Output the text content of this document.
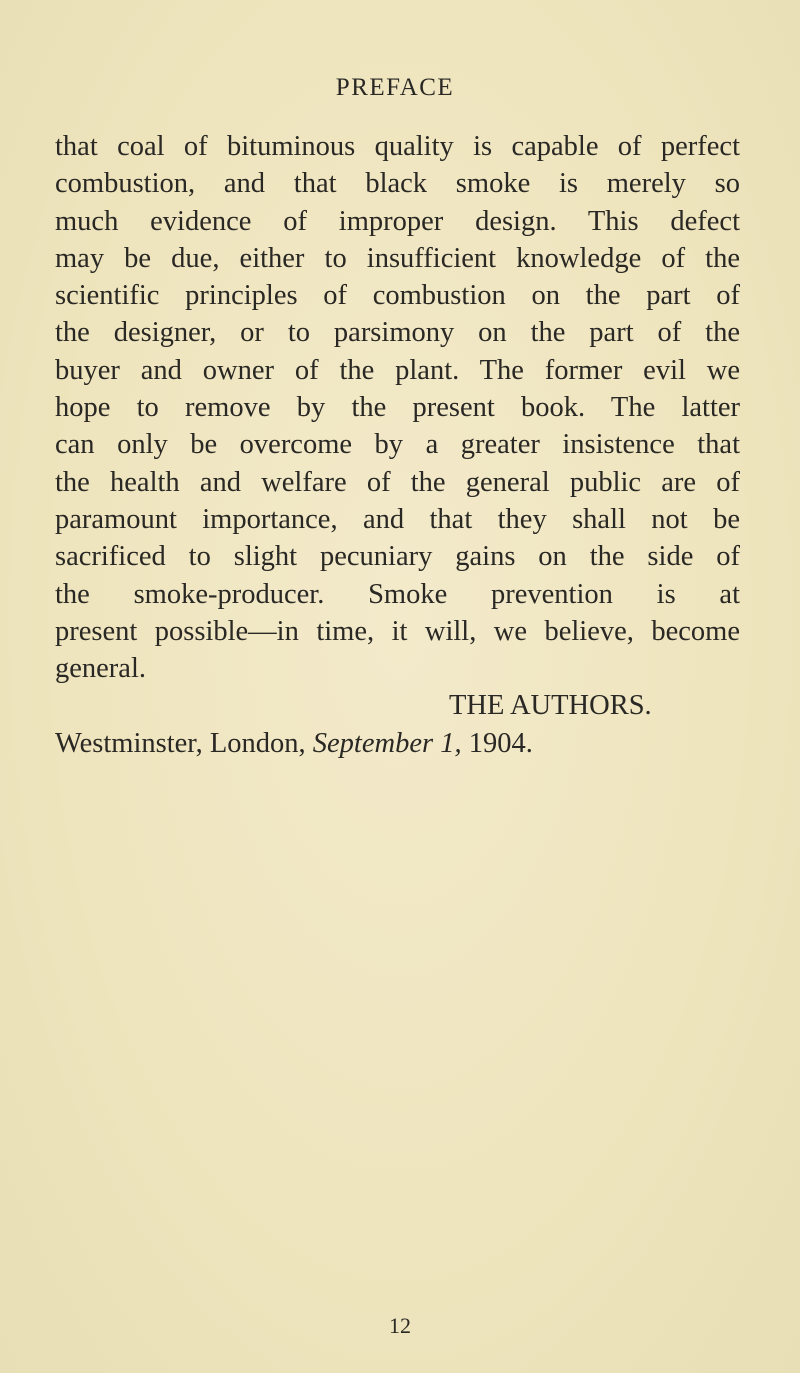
PREFACE
that coal of bituminous quality is capable of perfect
combustion, and that black smoke is merely so
much evidence of improper design. This defect
may be due, either to insufficient knowledge of the
scientific principles of combustion on the part of
the designer, or to parsimony on the part of the
buyer and owner of the plant. The former evil we
hope to remove by the present book. The latter
can only be overcome by a greater insistence that
the health and welfare of the general public are of
paramount importance, and that they shall not be
sacrificed to slight pecuniary gains on the side of
the smoke-producer. Smoke prevention is at
present possible—in time, it will, we believe, become
general.
THE AUTHORS.
Westminster, London, September 1, 1904.
12
